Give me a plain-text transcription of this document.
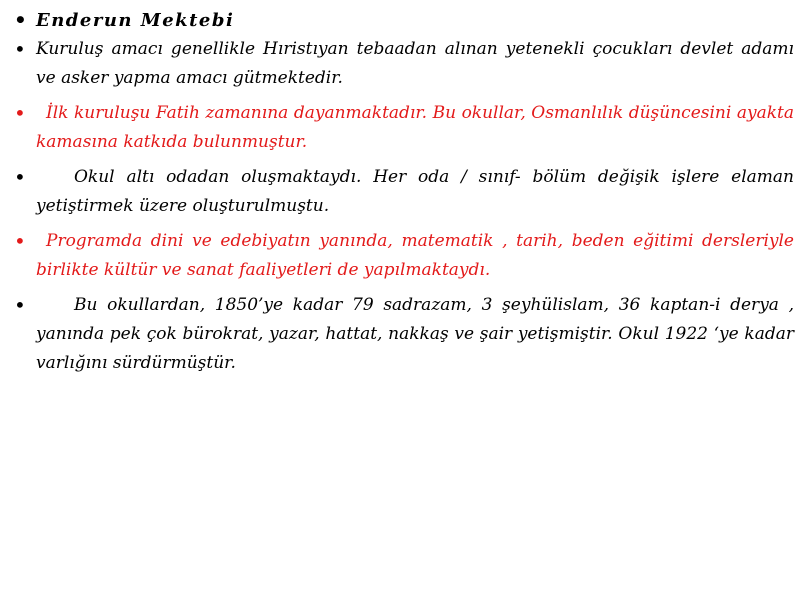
• Enderun Mektebi
• Kuruluş amacı genellikle Hıristıyan tebaadan alınan yetenekli çocukları devlet adamı ve asker yapma amacı gütmektedir.
• İlk kuruluşu Fatih zamanına dayanmaktadır. Bu okullar, Osmanlılık düşüncesini ayakta kamasına katkıda bulunmuştur.
•	Okul altı odadan oluşmaktaydı. Her oda / sınıf- bölüm değişik işlere elaman yetiştirmek üzere oluşturulmuştu.
• Programda dini ve edebiyatın yanında, matematik , tarih, beden eğitimi dersleriyle birlikte kültür ve sanat faaliyetleri de yapılmaktaydı.
•	Bu okullardan, 1850’ye kadar 79 sadrazam, 3 şeyhülislam, 36 kaptan-i derya , yanında pek çok bürokrat, yazar, hattat, nakkaş ve şair yetişmiştir. Okul 1922 ‘ye kadar varlığını sürdürmüştür.
